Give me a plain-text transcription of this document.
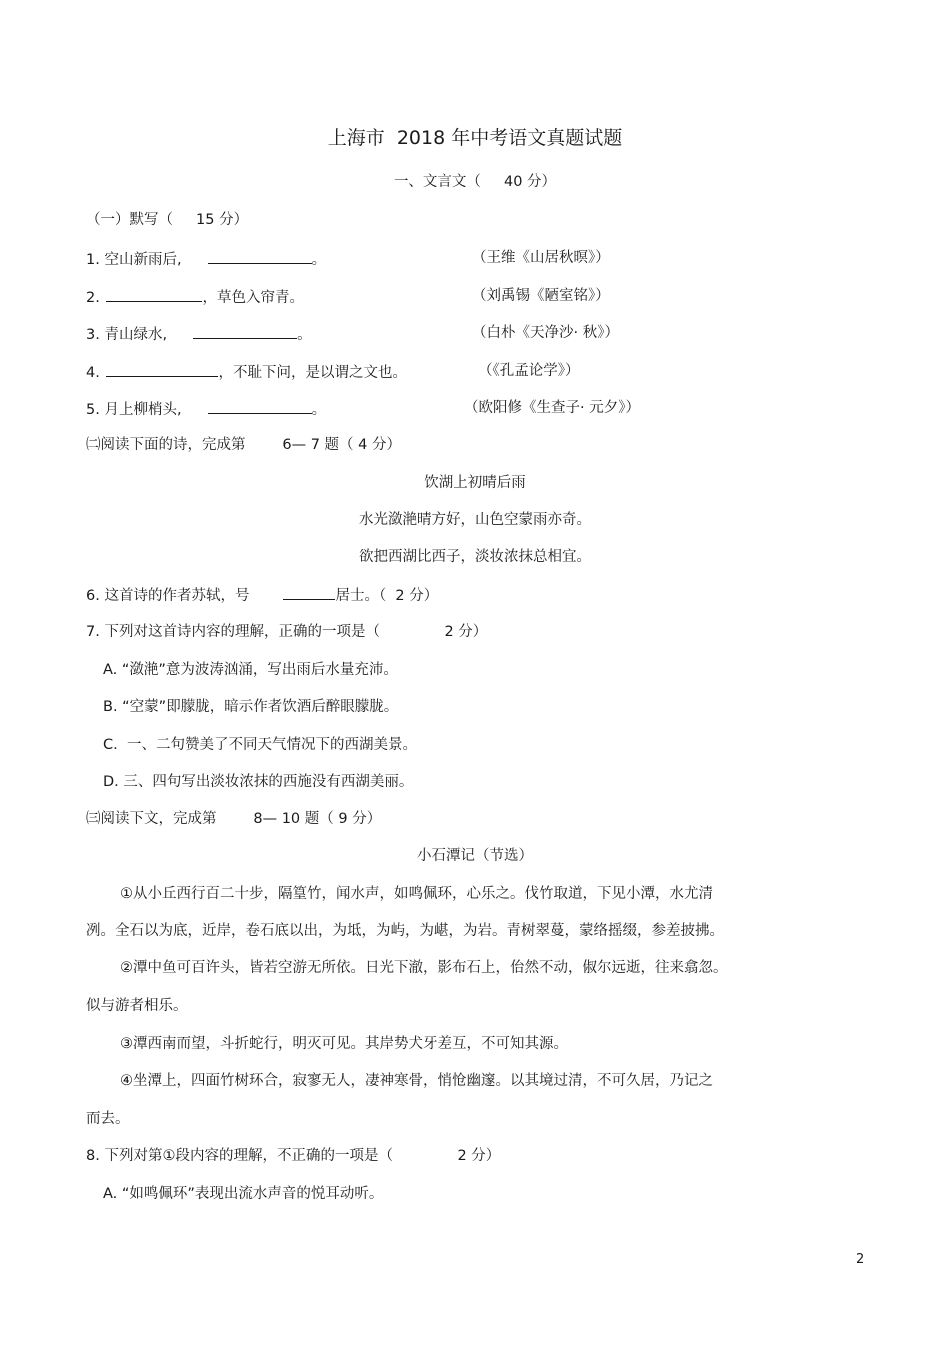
上海市  2018 年中考语文真题试题
一、文言文（     40 分）
（一）默写（     15 分）
1. 空山新雨后,	。	（王维《山居秋暝》）
2.	，草色入帘青。	（刘禹锡《陋室铭》）
3. 青山绿水,	。	（白朴《天净沙· 秋》）
4.	，不耻下问，是以谓之文也。	（《孔孟论学》）
5. 月上柳梢头,	。	（欧阳修《生查子· 元夕》）
㈡阅读下面的诗，完成第        6— 7 题（ 4 分）
饮湖上初晴后雨
水光潋滟晴方好，山色空蒙雨亦奇。
欲把西湖比西子，淡妆浓抹总相宜。
6. 这首诗的作者苏轼，号	居士。（  2 分）
7. 下列对这首诗内容的理解，正确的一项是（              2 分）
A. “潋滟”意为波涛汹涌，写出雨后水量充沛。
B. “空蒙”即朦胧，暗示作者饮酒后醉眼朦胧。
C.  一、二句赞美了不同天气情况下的西湖美景。
D. 三、四句写出淡妆浓抹的西施没有西湖美丽。
㈢阅读下文，完成第        8— 10 题（ 9 分）
小石潭记（节选）
①从小丘西行百二十步，隔篁竹，闻水声，如鸣佩环，心乐之。伐竹取道，下见小潭，水尤清
冽。全石以为底，近岸，卷石底以出，为坻，为屿，为嵁，为岩。青树翠蔓，蒙络摇缀，参差披拂。
②潭中鱼可百许头，皆若空游无所依。日光下澈，影布石上，佁然不动，俶尔远逝，往来翕忽。
似与游者相乐。
③潭西南而望，斗折蛇行，明灭可见。其岸势犬牙差互，不可知其源。
④坐潭上，四面竹树环合，寂寥无人，凄神寒骨，悄怆幽邃。以其境过清，不可久居，乃记之
而去。
8. 下列对第①段内容的理解，不正确的一项是（              2 分）
A. “如鸣佩环”表现出流水声音的悦耳动听。
2
